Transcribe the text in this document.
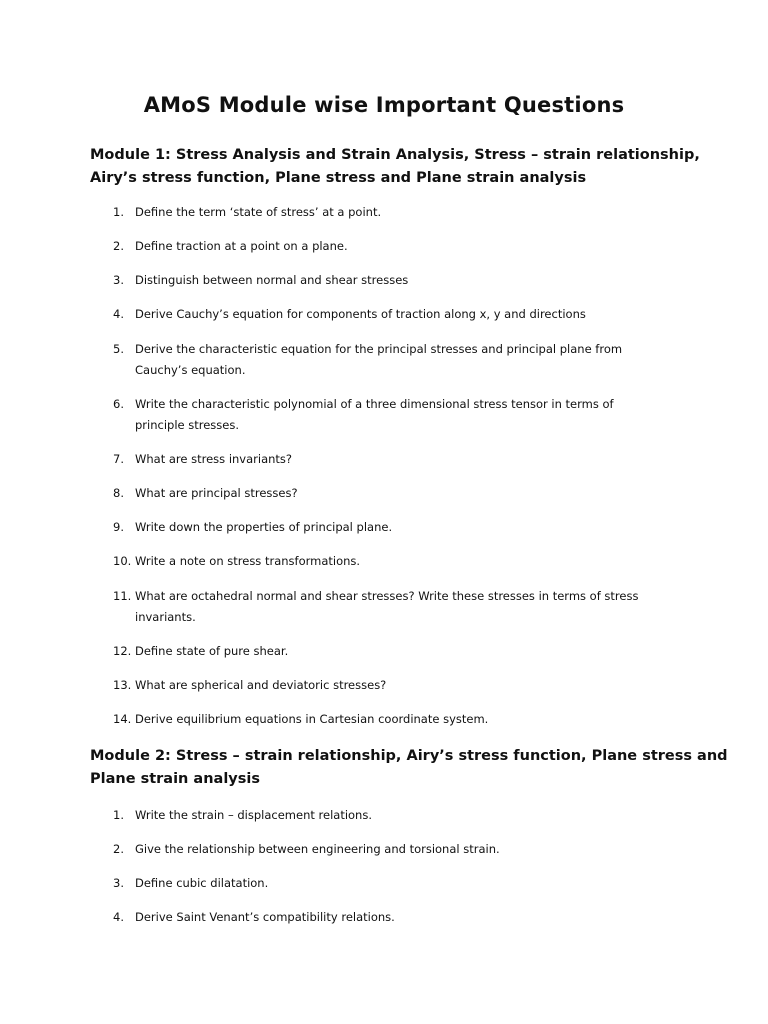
AMoS Module wise Important Questions
Module 1: Stress Analysis and Strain Analysis, Stress – strain relationship,
Airy’s stress function, Plane stress and Plane strain analysis
1. Define the term ‘state of stress’ at a point.
2. Define traction at a point on a plane.
3. Distinguish between normal and shear stresses
4. Derive Cauchy’s equation for components of traction along x, y and directions
5. Derive the characteristic equation for the principal stresses and principal plane from
Cauchy’s equation.
6. Write the characteristic polynomial of a three dimensional stress tensor in terms of
principle stresses.
7. What are stress invariants?
8. What are principal stresses?
9. Write down the properties of principal plane.
10. Write a note on stress transformations.
11. What are octahedral normal and shear stresses? Write these stresses in terms of stress
invariants.
12. Define state of pure shear.
13. What are spherical and deviatoric stresses?
14. Derive equilibrium equations in Cartesian coordinate system.
Module 2: Stress – strain relationship, Airy’s stress function, Plane stress and
Plane strain analysis
1. Write the strain – displacement relations.
2. Give the relationship between engineering and torsional strain.
3. Define cubic dilatation.
4. Derive Saint Venant’s compatibility relations.
